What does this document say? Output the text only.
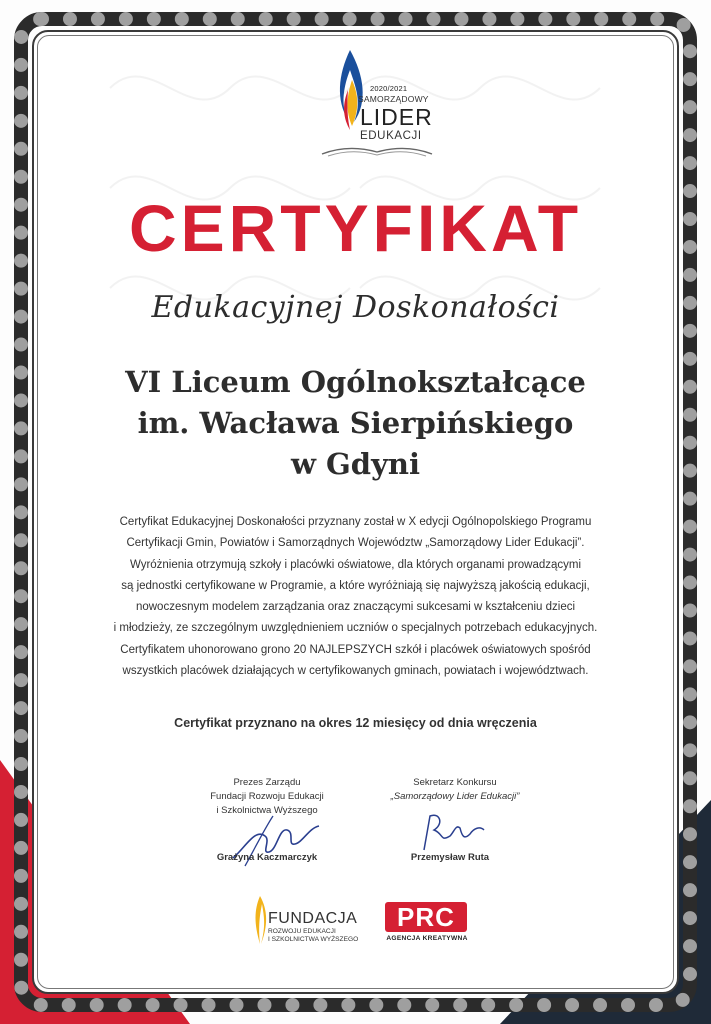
2020/2021
SAMORZĄDOWY
LIDER
EDUKACJI
CERTYFIKAT
Edukacyjnej Doskonałości
VI Liceum Ogólnokształcące
im. Wacława Sierpińskiego
w Gdyni
Certyfikat Edukacyjnej Doskonałości przyznany został w X edycji Ogólnopolskiego Programu
Certyfikacji Gmin, Powiatów i Samorządnych Województw „Samorządowy Lider Edukacji”.
Wyróżnienia otrzymują szkoły i placówki oświatowe, dla których organami prowadzącymi
są jednostki certyfikowane w Programie, a które wyróżniają się najwyższą jakością edukacji,
nowoczesnym modelem zarządzania oraz znaczącymi sukcesami w kształceniu dzieci
i młodzieży, ze szczególnym uwzględnieniem uczniów o specjalnych potrzebach edukacyjnych.
Certyfikatem uhonorowano grono 20 NAJLEPSZYCH szkół i placówek oświatowych spośród
wszystkich placówek działających w certyfikowanych gminach, powiatach i województwach.
Certyfikat przyznano na okres 12 miesięcy od dnia wręczenia
Prezes Zarządu
Fundacji Rozwoju Edukacji
i Szkolnictwa Wyższego
Sekretarz Konkursu
„Samorządowy Lider Edukacji”
Grażyna Kaczmarczyk	Przemysław Ruta
FUNDACJA
ROZWOJU EDUKACJI
I SZKOLNICTWA WYŻSZEGO
PRC
AGENCJA KREATYWNA
